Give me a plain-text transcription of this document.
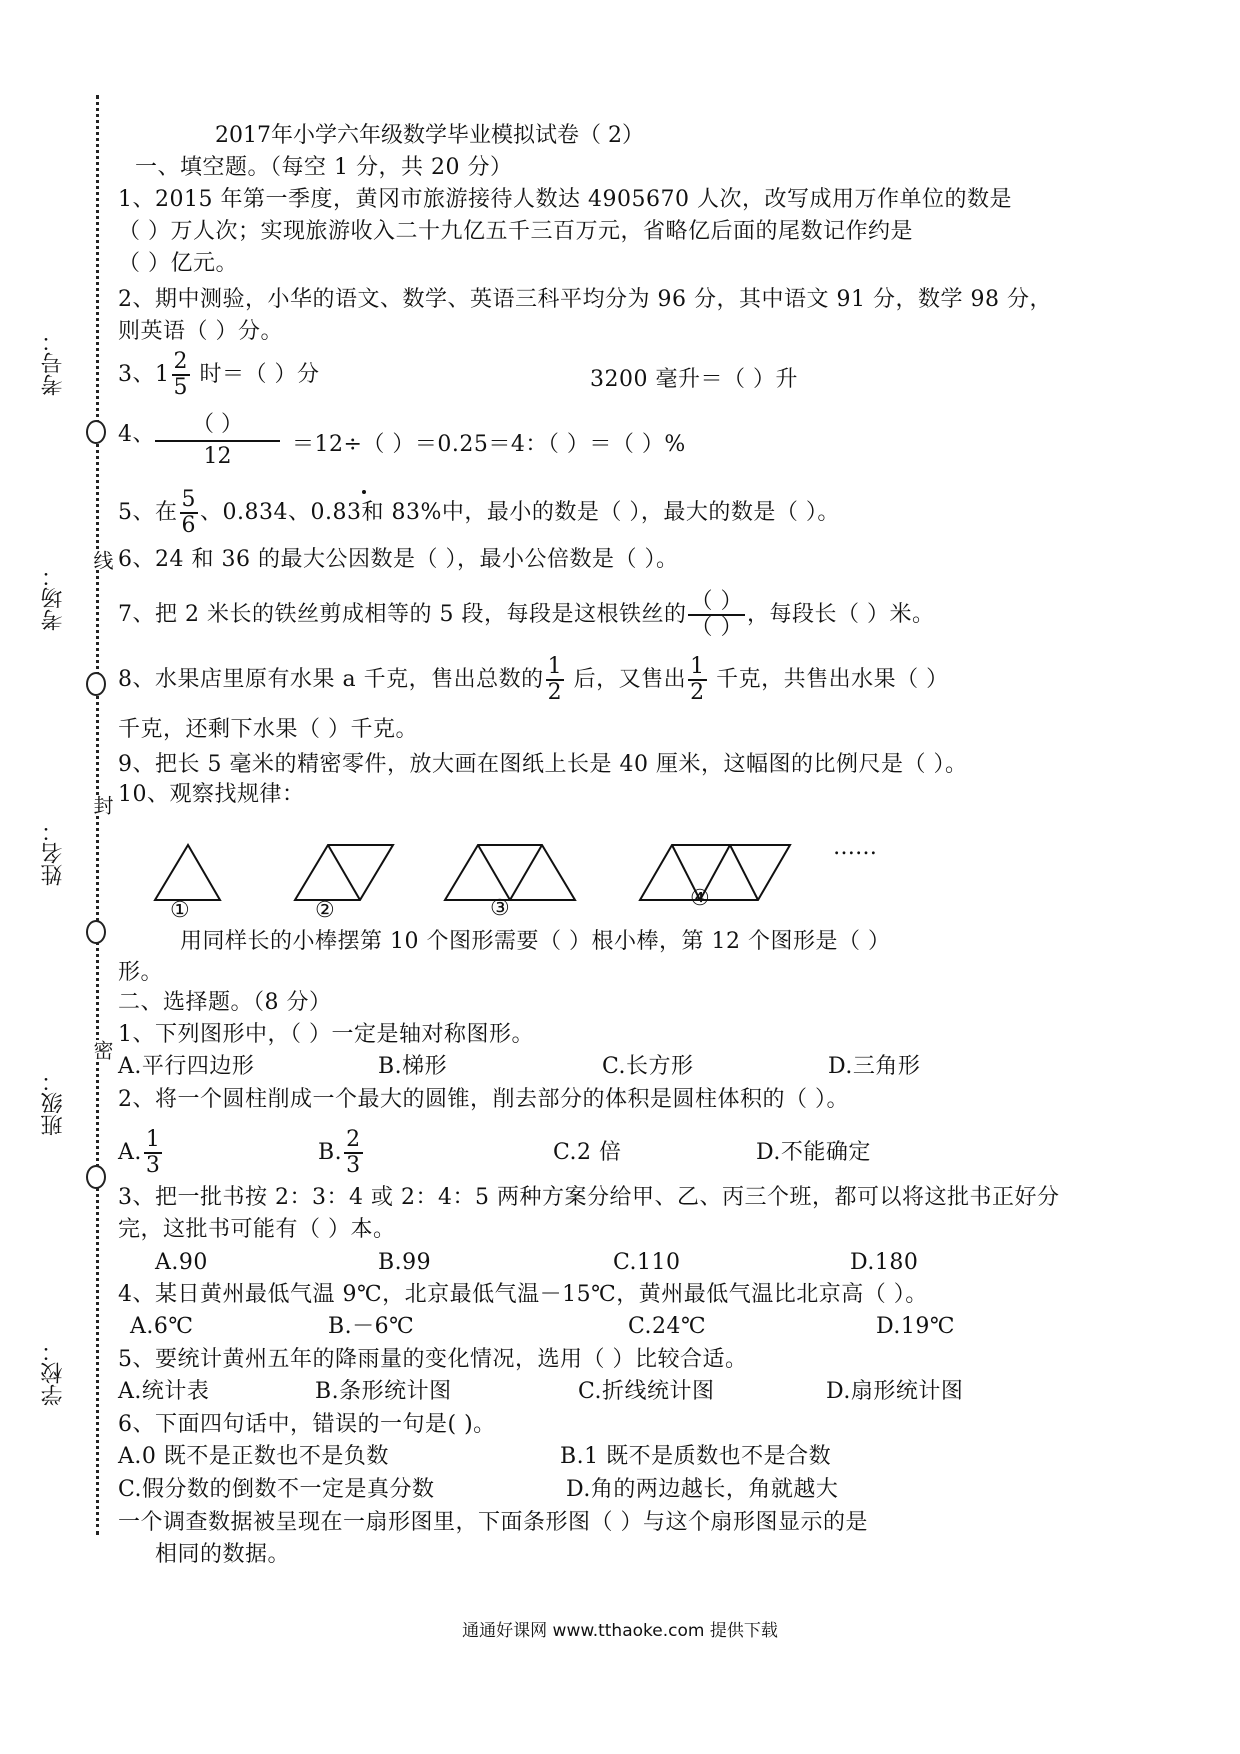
线
封
密
考号：
考场：
姓名：
班级：
学校：
2017年小学六年级数学毕业模拟试卷（ 2）
一、填空题。（每空 1 分，共 20 分）
1、2015 年第一季度，黄冈市旅游接待人数达 4905670 人次，改写成用万作单位的数是
（ ）万人次；实现旅游收入二十九亿五千三百万元，省略亿后面的尾数记作约是
（ ）亿元。
2、期中测验，小华的语文、数学、英语三科平均分为 96 分，其中语文 91 分，数学 98 分，
则英语（ ）分。
3、$1 \frac{2}{5}$ 时＝（ ）分	3200 毫升＝（ ）升
4、	（ ）
12	＝12÷（ ）＝0.25＝4：（ ）＝（ ）%
5、在 $\frac{5}{6}$ 、0.834、0.83和 83%中，最小的数是（ ），最大的数是（ ）。
6、24 和 36 的最大公因数是（ ），最小公倍数是（ ）。
7、把 2 米长的铁丝剪成相等的 5 段，每段是这根铁丝的 $\frac{( )}{( )}$ ，每段长（ ）米。
8、水果店里原有水果 a 千克，售出总数的 $\frac{1}{2}$ 后，又售出 $\frac{1}{2}$ 千克，共售出水果（ ）
千克，还剩下水果（ ）千克。
9、把长 5 毫米的精密零件，放大画在图纸上长是 40 厘米，这幅图的比例尺是（ ）。
10、观察找规律：
……
①	②	③	④
用同样长的小棒摆第 10 个图形需要（ ）根小棒，第 12 个图形是（ ）
形。
二、选择题。（8 分）
1、下列图形中，（ ）一定是轴对称图形。
A.平行四边形	B.梯形	C.长方形	D.三角形
2、将一个圆柱削成一个最大的圆锥，削去部分的体积是圆柱体积的（ ）。
A. $\frac{1}{3}$	B. $\frac{2}{3}$	C.2 倍	D.不能确定
3、把一批书按 2：3：4 或 2：4：5 两种方案分给甲、乙、丙三个班，都可以将这批书正好分
完，这批书可能有（ ）本。
A.90	B.99	C.110	D.180
4、某日黄州最低气温 9℃，北京最低气温－15℃，黄州最低气温比北京高（ ）。
A.6℃	B.－6℃	C.24℃	D.19℃
5、要统计黄州五年的降雨量的变化情况，选用（ ）比较合适。
A.统计表	B.条形统计图	C.折线统计图	D.扇形统计图
6、下面四句话中，错误的一句是( )。
A.0 既不是正数也不是负数	B.1 既不是质数也不是合数
C.假分数的倒数不一定是真分数	D.角的两边越长，角就越大
一个调查数据被呈现在一扇形图里，下面条形图（ ）与这个扇形图显示的是
相同的数据。
通通好课网 www.tthaoke.com 提供下载
